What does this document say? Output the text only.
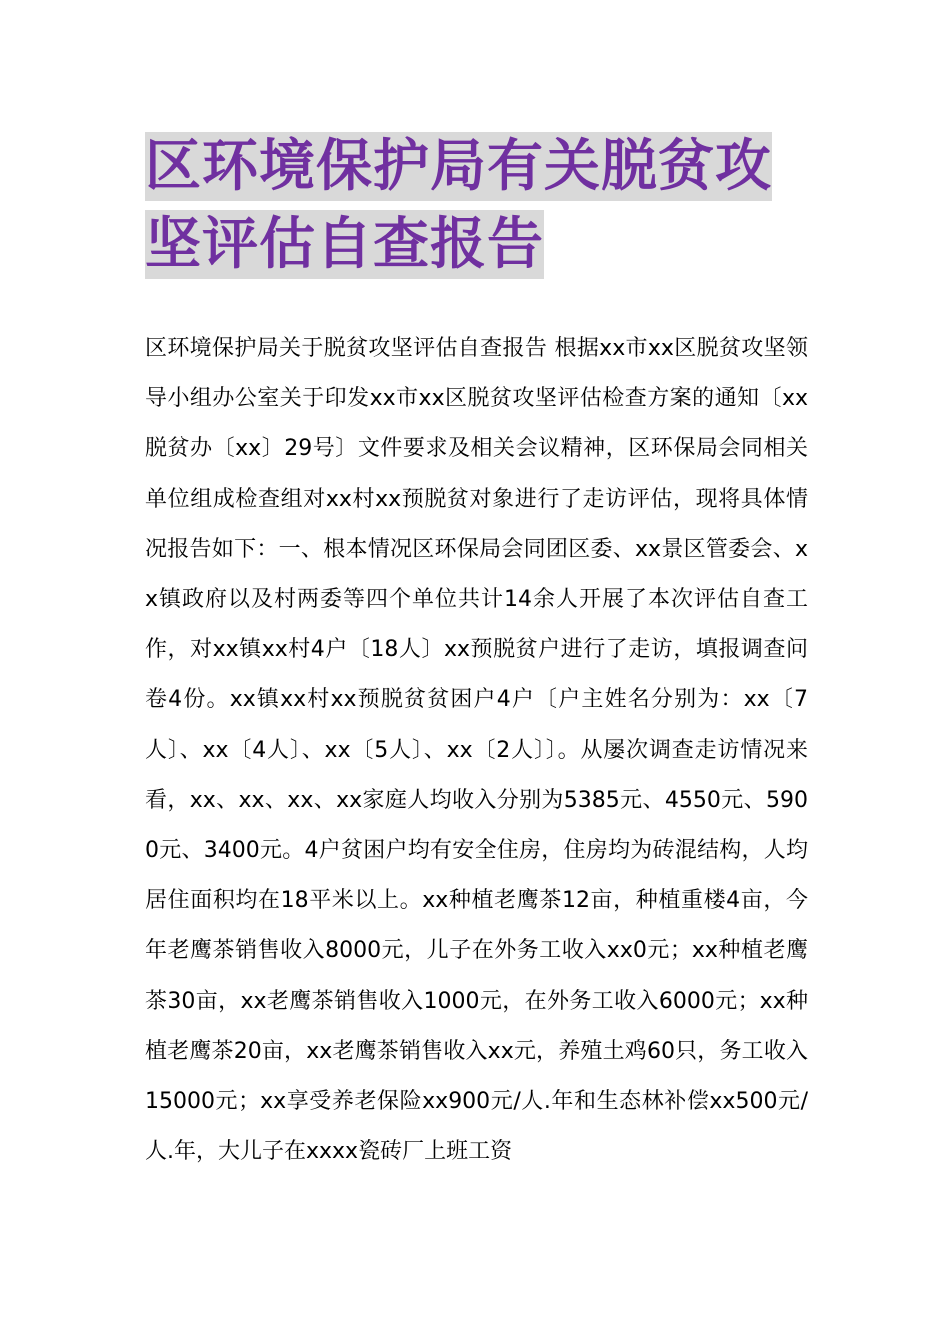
区环境保护局有关脱贫攻坚评估自查报告

区环境保护局关于脱贫攻坚评估自查报告 根据xx市xx区脱贫攻坚领导小组办公室关于印发xx市xx区脱贫攻坚评估检查方案的通知〔xx脱贫办〔xx〕29号〕文件要求及相关会议精神，区环保局会同相关单位组成检查组对xx村xx预脱贫对象进行了走访评估，现将具体情况报告如下：一、根本情况区环保局会同团区委、xx景区管委会、xx镇政府以及村两委等四个单位共计14余人开展了本次评估自查工作，对xx镇xx村4户〔18人〕xx预脱贫户进行了走访，填报调查问卷4份。xx镇xx村xx预脱贫贫困户4户〔户主姓名分别为：xx〔7人〕、xx〔4人〕、xx〔5人〕、xx〔2人〕〕。从屡次调查走访情况来看，xx、xx、xx、xx家庭人均收入分别为5385元、4550元、5900元、3400元。4户贫困户均有安全住房，住房均为砖混结构，人均居住面积均在18平米以上。xx种植老鹰茶12亩，种植重楼4亩，今年老鹰茶销售收入8000元，儿子在外务工收入xx0元；xx种植老鹰茶30亩，xx老鹰茶销售收入1000元，在外务工收入6000元；xx种植老鹰茶20亩，xx老鹰茶销售收入xx元，养殖土鸡60只，务工收入15000元；xx享受养老保险xx900元/人.年和生态林补偿xx500元/人.年，大儿子在xxxx瓷砖厂上班工资
